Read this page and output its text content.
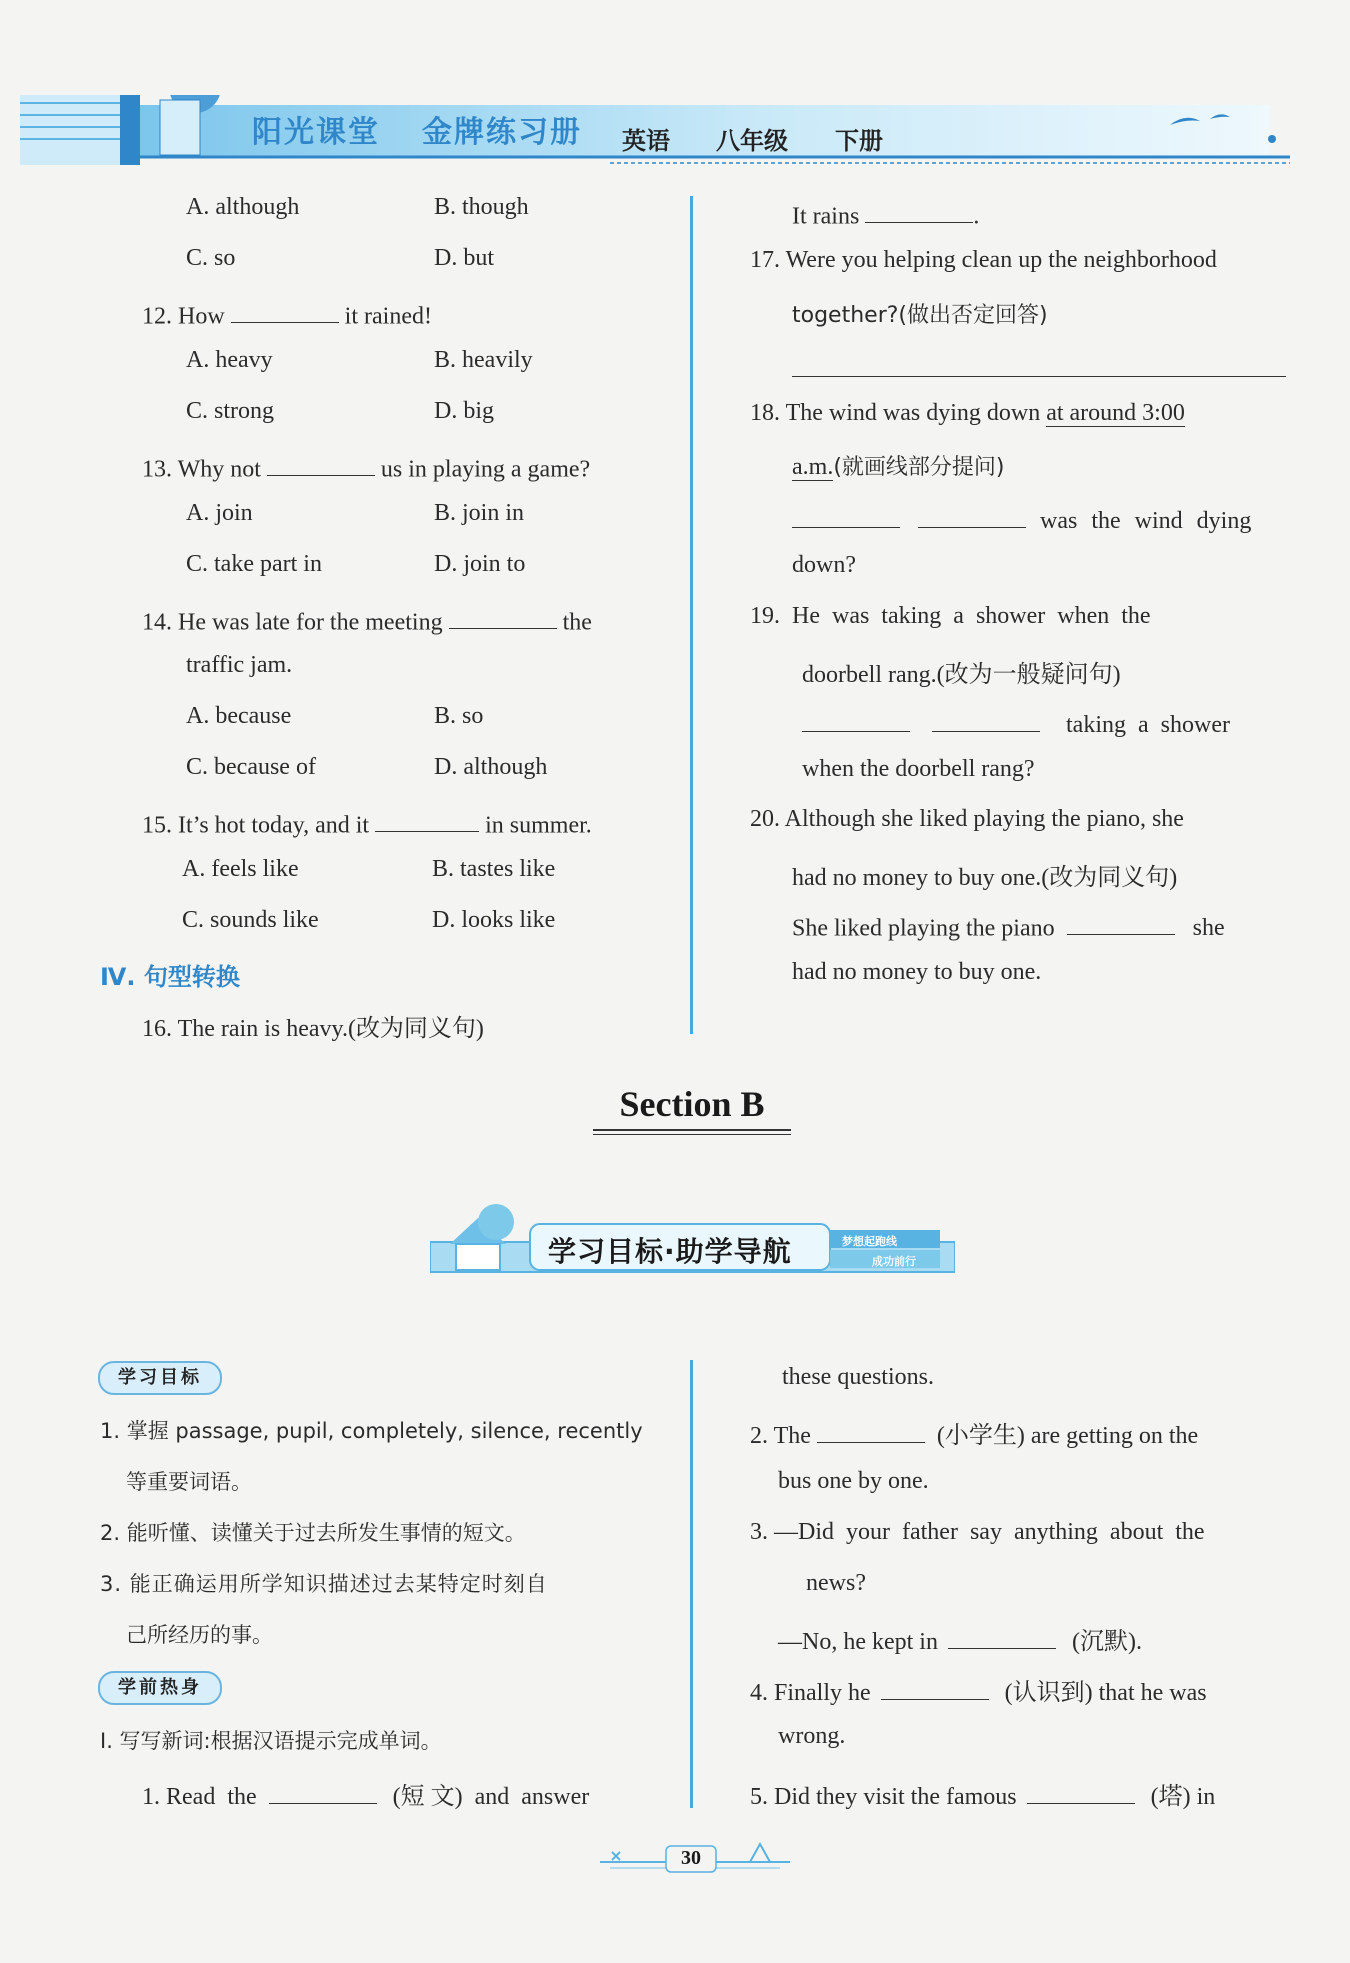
阳光课堂 金牌练习册 英语 八年级 下册
A. although	B. though
C. so	D. but
12. How	it rained!
A. heavy	B. heavily
C. strong	D. big
13. Why not	us in playing a game?
A. join	B. join in
C. take part in	D. join to
14. He was late for the meeting	the
traffic jam.
A. because	B. so
C. because of	D. although
15. It’s hot today, and it	in summer.
A. feels like	B. tastes like
C. sounds like	D. looks like
Ⅳ. 句型转换
16. The rain is heavy.(改为同义句)
It rains	.
17. Were you helping clean up the neighborhood
together?(做出否定回答)
18. The wind was dying down at around 3:00
a.m.(就画线部分提问)
was the wind dying
down?
19.  He  was  taking  a  shower  when  the
doorbell rang.(改为一般疑问句)
taking  a  shower
when the doorbell rang?
20. Although she liked playing the piano, she
had no money to buy one.(改为同义句)
She liked playing the piano	she
had no money to buy one.
Section B
学习目标·助学导航	梦想起跑线
成功前行
学习目标
1. 掌握 passage, pupil, completely, silence, recently
等重要词语。
2. 能听懂、读懂关于过去所发生事情的短文。
3. 能正确运用所学知识描述过去某特定时刻自
己所经历的事。
学前热身
Ⅰ. 写写新词:根据汉语提示完成单词。
1. Read  the	(短 文)  and  answer
these questions.
2. The	(小学生) are getting on the
bus one by one.
3. —Did  your  father  say  anything  about  the
news?
—No, he kept in	(沉默).
4. Finally he	(认识到) that he was
wrong.
5. Did they visit the famous	(塔) in
30
